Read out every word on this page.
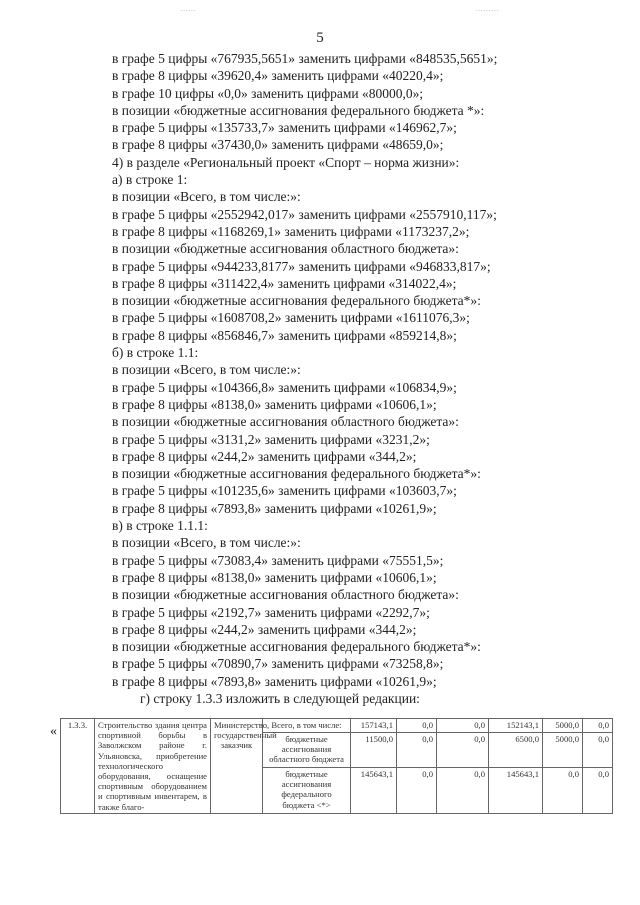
……	………
5
в графе 5 цифры «767935,5651» заменить цифрами «848535,5651»;
в графе 8 цифры «39620,4» заменить цифрами «40220,4»;
в графе 10 цифры «0,0» заменить цифрами «80000,0»;
в позиции «бюджетные ассигнования федерального бюджета *»:
в графе 5 цифры «135733,7» заменить цифрами «146962,7»;
в графе 8 цифры «37430,0» заменить цифрами «48659,0»;
4) в разделе «Региональный проект «Спорт – норма жизни»:
а) в строке 1:
в позиции «Всего, в том числе:»:
в графе 5 цифры «2552942,017» заменить цифрами «2557910,117»;
в графе 8 цифры «1168269,1» заменить цифрами «1173237,2»;
в позиции «бюджетные ассигнования областного бюджета»:
в графе 5 цифры «944233,8177» заменить цифрами «946833,817»;
в графе 8 цифры «311422,4» заменить цифрами «314022,4»;
в позиции «бюджетные ассигнования федерального бюджета*»:
в графе 5 цифры «1608708,2» заменить цифрами «1611076,3»;
в графе 8 цифры «856846,7» заменить цифрами «859214,8»;
б) в строке 1.1:
в позиции «Всего, в том числе:»:
в графе 5 цифры «104366,8» заменить цифрами «106834,9»;
в графе 8 цифры «8138,0» заменить цифрами «10606,1»;
в позиции «бюджетные ассигнования областного бюджета»:
в графе 5 цифры «3131,2» заменить цифрами «3231,2»;
в графе 8 цифры «244,2» заменить цифрами «344,2»;
в позиции «бюджетные ассигнования федерального бюджета*»:
в графе 5 цифры «101235,6» заменить цифрами «103603,7»;
в графе 8 цифры «7893,8» заменить цифрами «10261,9»;
в) в строке 1.1.1:
в позиции «Всего, в том числе:»:
в графе 5 цифры «73083,4» заменить цифрами «75551,5»;
в графе 8 цифры «8138,0» заменить цифрами «10606,1»;
в позиции «бюджетные ассигнования областного бюджета»:
в графе 5 цифры «2192,7» заменить цифрами «2292,7»;
в графе 8 цифры «244,2» заменить цифрами «344,2»;
в позиции «бюджетные ассигнования федерального бюджета*»:
в графе 5 цифры «70890,7» заменить цифрами «73258,8»;
в графе 8 цифры «7893,8» заменить цифрами «10261,9»;
г) строку 1.3.3 изложить в следующей редакции:
« 1.3.3.	Строительство здания центра спортивной борьбы в Заволжском районе г. Ульяновска, приобретение технологического оборудования, оснащение спортивным оборудованием и спортивным инвентарем, в также благо-	Министерство, государственный заказчик	Всего, в том числе:	157143,1	0,0	0,0	152143,1	5000,0	0,0
			бюджетные ассигнования областного бюджета	11500,0	0,0	0,0	6500,0	5000,0	0,0
			бюджетные ассигнования федерального бюджета <*>	145643,1	0,0	0,0	145643,1	0,0	0,0
